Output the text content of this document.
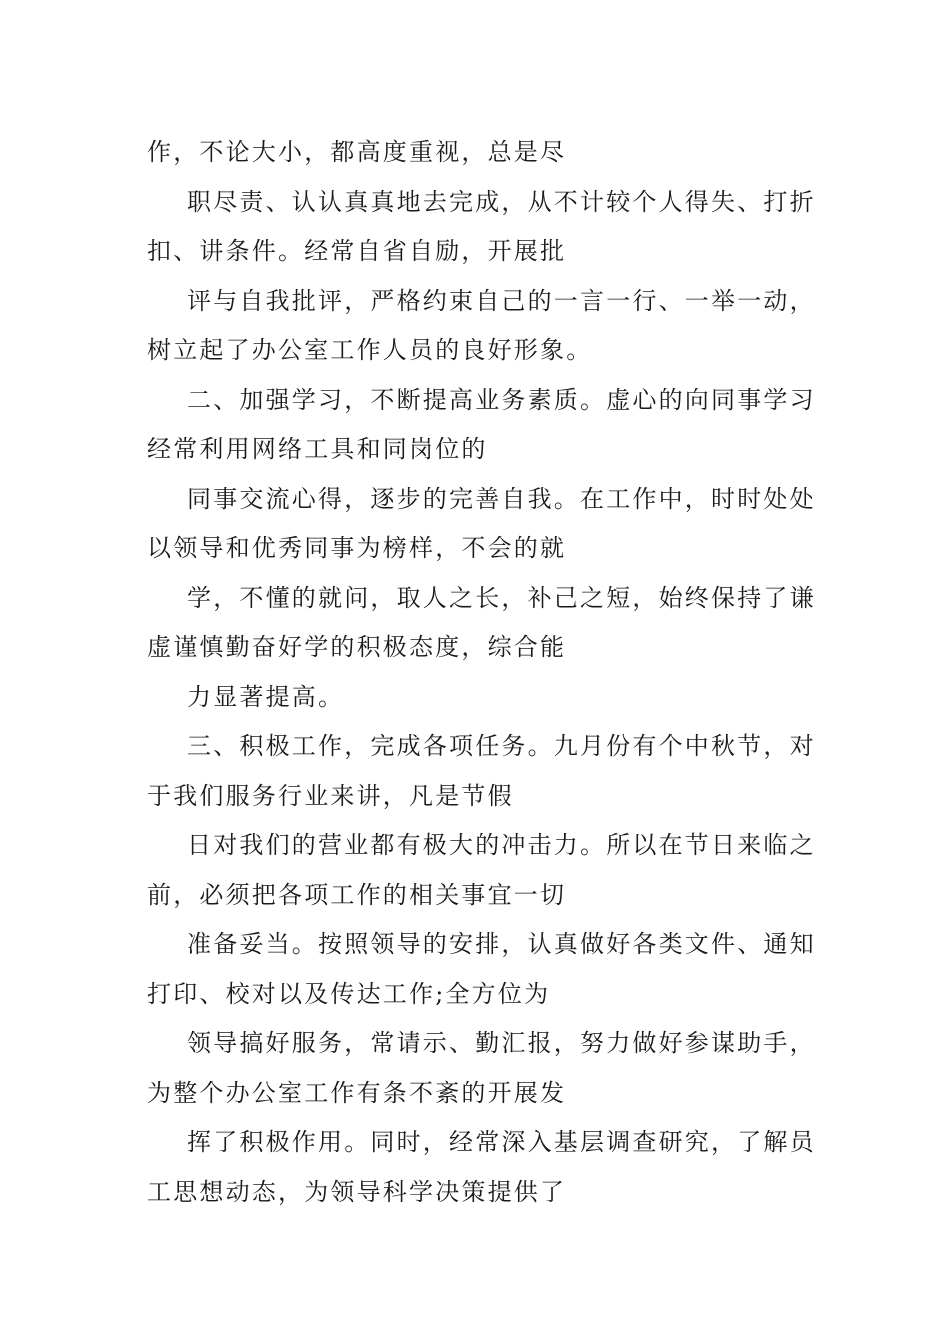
作，不论大小，都高度重视，总是尽
职尽责、认认真真地去完成，从不计较个人得失、打折
扣、讲条件。经常自省自励，开展批
评与自我批评，严格约束自己的一言一行、一举一动，
树立起了办公室工作人员的良好形象。
二、加强学习，不断提高业务素质。虚心的向同事学习
经常利用网络工具和同岗位的
同事交流心得，逐步的完善自我。在工作中，时时处处
以领导和优秀同事为榜样，不会的就
学，不懂的就问，取人之长，补己之短，始终保持了谦
虚谨慎勤奋好学的积极态度，综合能
力显著提高。
三、积极工作，完成各项任务。九月份有个中秋节，对
于我们服务行业来讲，凡是节假
日对我们的营业都有极大的冲击力。所以在节日来临之
前，必须把各项工作的相关事宜一切
准备妥当。按照领导的安排，认真做好各类文件、通知
打印、校对以及传达工作;全方位为
领导搞好服务，常请示、勤汇报，努力做好参谋助手，
为整个办公室工作有条不紊的开展发
挥了积极作用。同时，经常深入基层调查研究，了解员
工思想动态，为领导科学决策提供了
